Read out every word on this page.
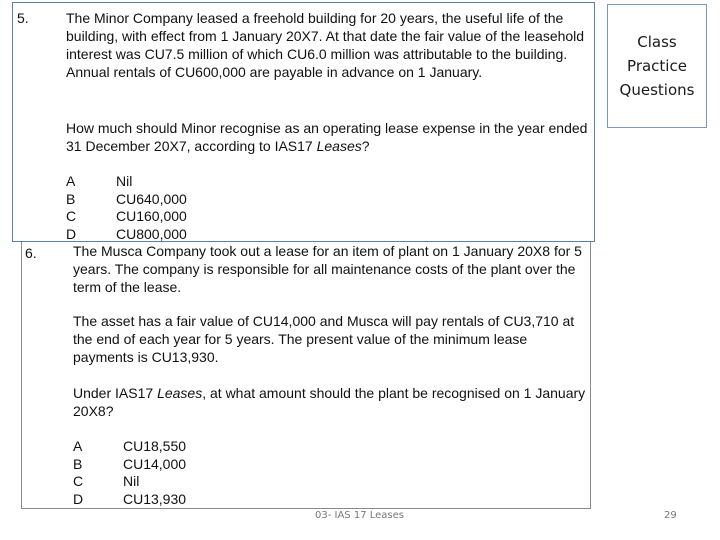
5.	The Minor Company leased a freehold building for 20 years, the useful life of the building, with effect from 1 January 20X7. At that date the fair value of the leasehold interest was CU7.5 million of which CU6.0 million was attributable to the building. Annual rentals of CU600,000 are payable in advance on 1 January.

How much should Minor recognise as an operating lease expense in the year ended 31 December 20X7, according to IAS17 Leases?

A	Nil
B	CU640,000
C	CU160,000
D	CU800,000
6.	The Musca Company took out a lease for an item of plant on 1 January 20X8 for 5 years. The company is responsible for all maintenance costs of the plant over the term of the lease.

The asset has a fair value of CU14,000 and Musca will pay rentals of CU3,710 at the end of each year for 5 years. The present value of the minimum lease payments is CU13,930.

Under IAS17 Leases, at what amount should the plant be recognised on 1 January 20X8?

A	CU18,550
B	CU14,000
C	Nil
D	CU13,930
Class Practice Questions
03- IAS 17 Leases	29
